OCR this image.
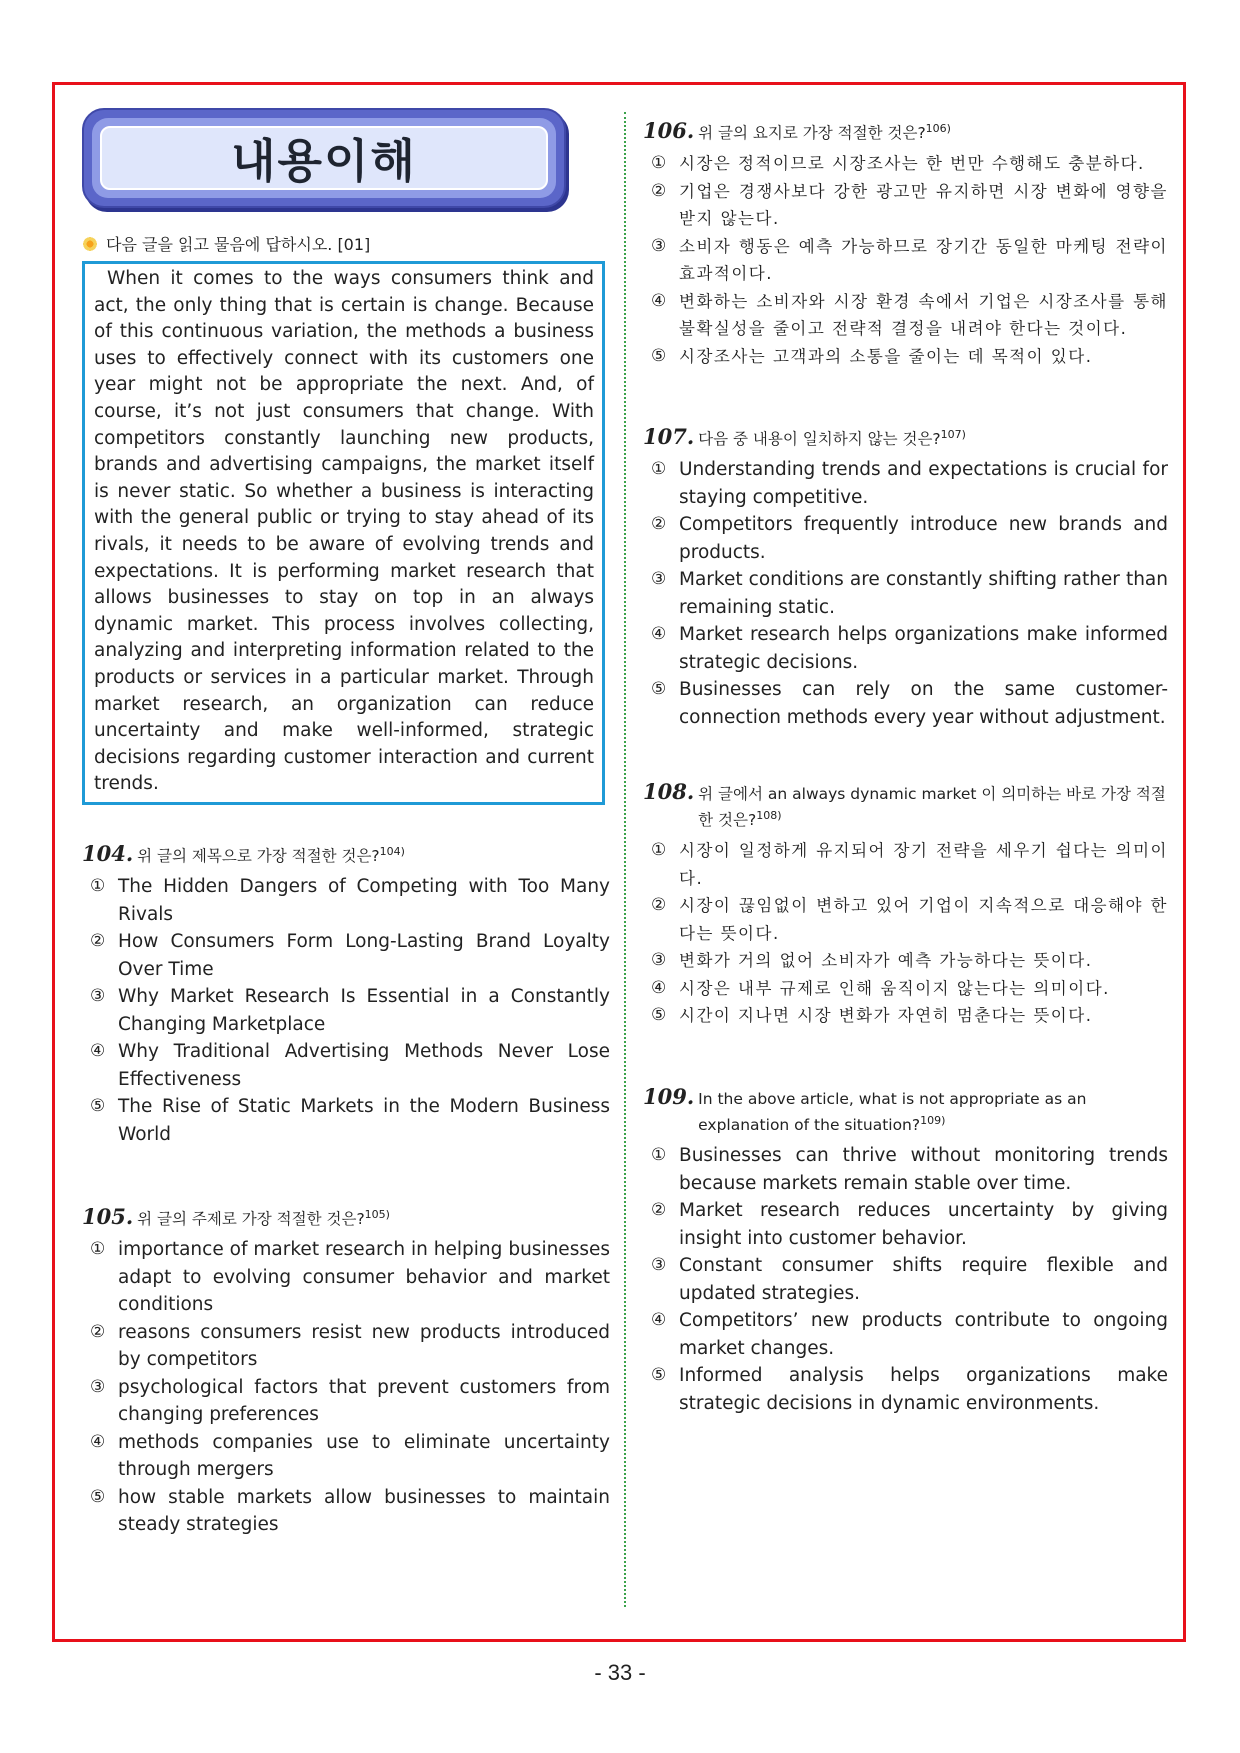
내용이해
다음 글을 읽고 물음에 답하시오. [01]
When it comes to the ways consumers think and act, the only thing that is certain is change. Because of this continuous variation, the methods a business uses to effectively connect with its customers one year might not be appropriate the next. And, of course, it’s not just consumers that change. With competitors constantly launching new products, brands and advertising campaigns, the market itself is never static. So whether a business is interacting with the general public or trying to stay ahead of its rivals, it needs to be aware of evolving trends and expectations. It is performing market research that allows businesses to stay on top in an always dynamic market. This process involves collecting, analyzing and interpreting information related to the products or services in a particular market. Through market research, an organization can reduce uncertainty and make well-informed, strategic decisions regarding customer interaction and current trends.
104. 위 글의 제목으로 가장 적절한 것은?$^{104)}$
① The Hidden Dangers of Competing with Too Many Rivals
② How Consumers Form Long-Lasting Brand Loyalty Over Time
③ Why Market Research Is Essential in a Constantly Changing Marketplace
④ Why Traditional Advertising Methods Never Lose Effectiveness
⑤ The Rise of Static Markets in the Modern Business World
105. 위 글의 주제로 가장 적절한 것은?$^{105)}$
① importance of market research in helping businesses adapt to evolving consumer behavior and market conditions
② reasons consumers resist new products introduced by competitors
③ psychological factors that prevent customers from changing preferences
④ methods companies use to eliminate uncertainty through mergers
⑤ how stable markets allow businesses to maintain steady strategies
106. 위 글의 요지로 가장 적절한 것은?$^{106)}$
① 시장은 정적이므로 시장조사는 한 번만 수행해도 충분하다.
② 기업은 경쟁사보다 강한 광고만 유지하면 시장 변화에 영향을 받지 않는다.
③ 소비자 행동은 예측 가능하므로 장기간 동일한 마케팅 전략이 효과적이다.
④ 변화하는 소비자와 시장 환경 속에서 기업은 시장조사를 통해 불확실성을 줄이고 전략적 결정을 내려야 한다는 것이다.
⑤ 시장조사는 고객과의 소통을 줄이는 데 목적이 있다.
107. 다음 중 내용이 일치하지 않는 것은?$^{107)}$
① Understanding trends and expectations is crucial for staying competitive.
② Competitors frequently introduce new brands and products.
③ Market conditions are constantly shifting rather than remaining static.
④ Market research helps organizations make informed strategic decisions.
⑤ Businesses can rely on the same customer-connection methods every year without adjustment.
108. 위 글에서 an always dynamic market 이 의미하는 바로 가장 적절한 것은?$^{108)}$
① 시장이 일정하게 유지되어 장기 전략을 세우기 쉽다는 의미이다.
② 시장이 끊임없이 변하고 있어 기업이 지속적으로 대응해야 한다는 뜻이다.
③ 변화가 거의 없어 소비자가 예측 가능하다는 뜻이다.
④ 시장은 내부 규제로 인해 움직이지 않는다는 의미이다.
⑤ 시간이 지나면 시장 변화가 자연히 멈춘다는 뜻이다.
109. In the above article, what is not appropriate as an explanation of the situation?$^{109)}$
① Businesses can thrive without monitoring trends because markets remain stable over time.
② Market research reduces uncertainty by giving insight into customer behavior.
③ Constant consumer shifts require flexible and updated strategies.
④ Competitors’ new products contribute to ongoing market changes.
⑤ Informed analysis helps organizations make strategic decisions in dynamic environments.
- 33 -
